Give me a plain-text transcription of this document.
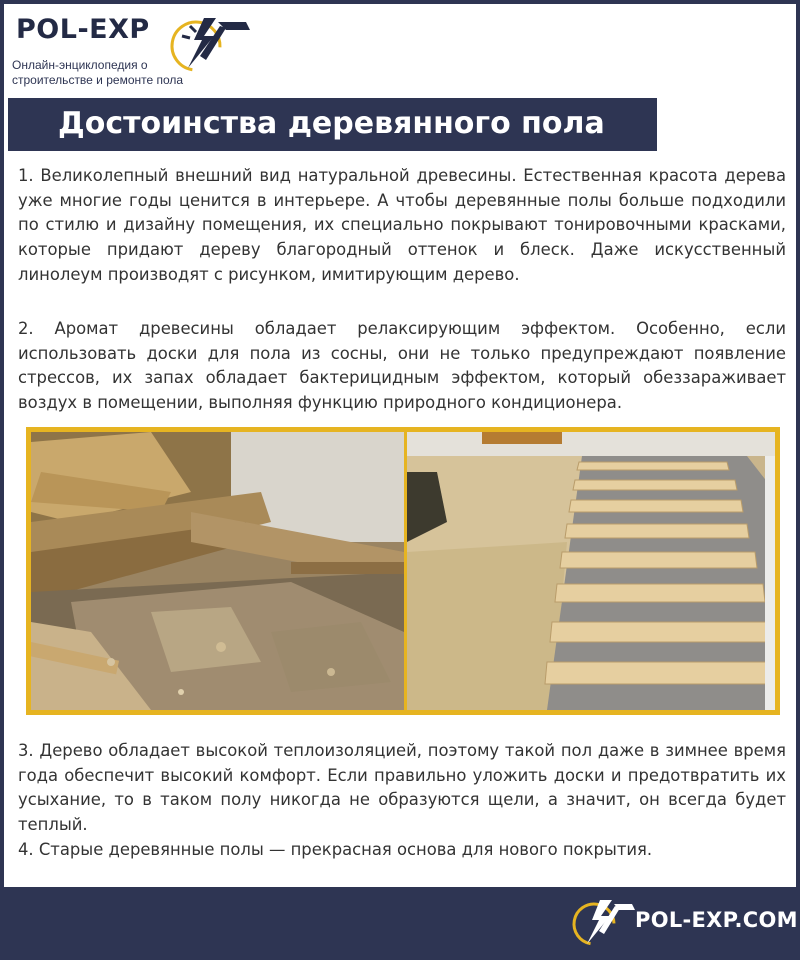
POL-EXP
Онлайн-энциклопедия о строительстве и ремонте пола
Достоинства деревянного пола

1. Великолепный внешний вид натуральной древесины. Естественная красота дерева уже многие годы ценится в интерьере. А чтобы деревянные полы больше подходили по стилю и дизайну помещения, их специально покрывают тонировочными красками, которые придают дереву благородный оттенок и блеск. Даже искусственный линолеум производят с рисунком, имитирующим дерево.

2. Аромат древесины обладает релаксирующим эффектом. Особенно, если использовать доски для пола из сосны, они не только предупреждают появление стрессов, их запах обладает бактерицидным эффектом, который обеззараживает воздух в помещении, выполняя функцию природного кондиционера.

3. Дерево обладает высокой теплоизоляцией, поэтому такой пол даже в зимнее время года обеспечит высокий комфорт. Если правильно уложить доски и предотвратить их усыхание, то в таком полу никогда не образуются щели, а значит, он всегда будет теплый.

4. Старые деревянные полы — прекрасная основа для нового покрытия.

POL-EXP.COM
